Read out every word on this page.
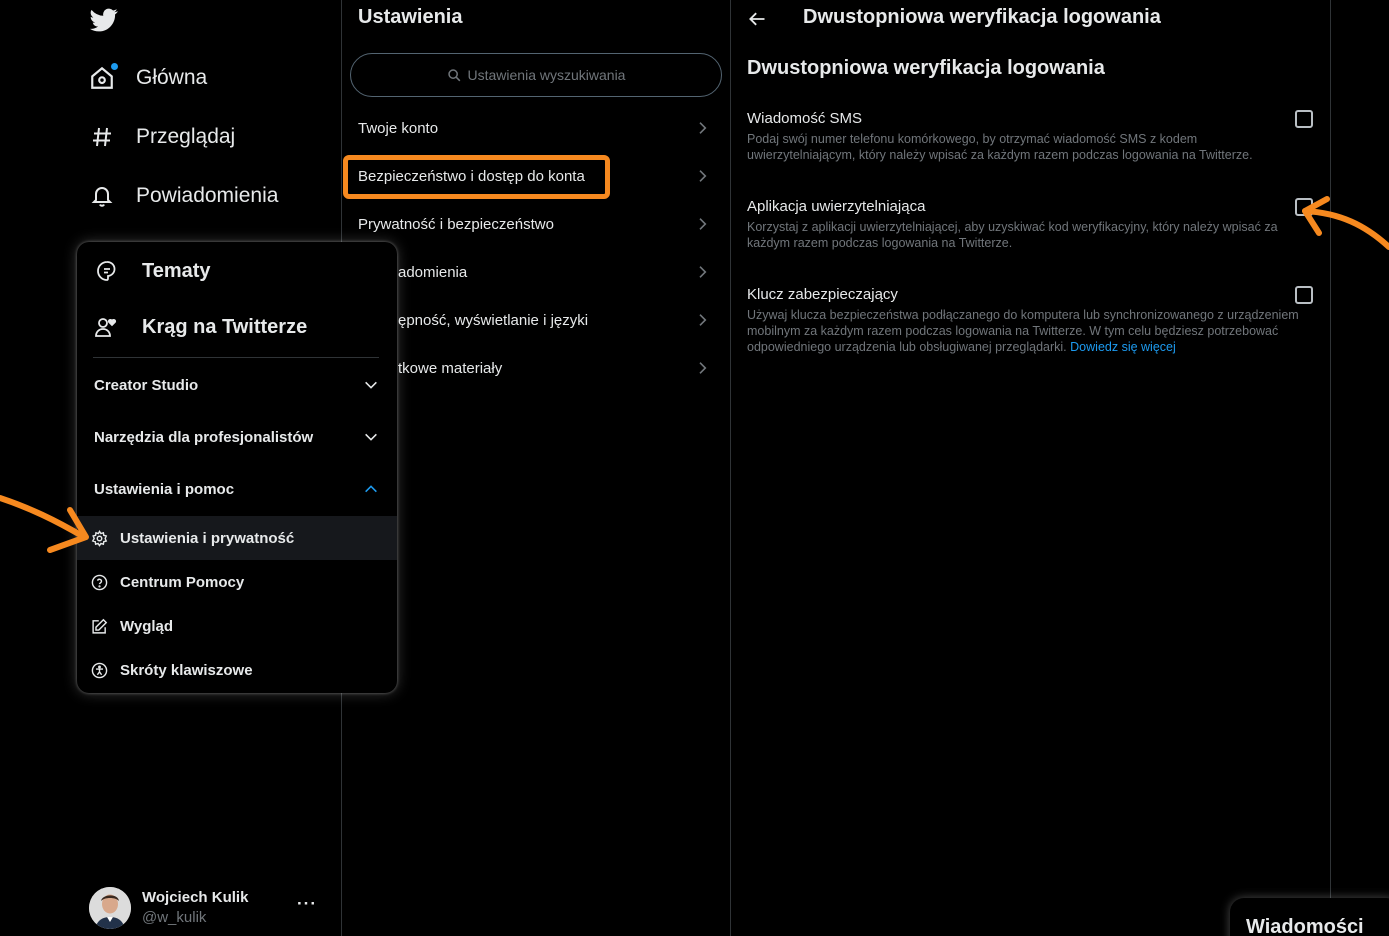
Główna
Przeglądaj
Powiadomienia
Wojciech Kulik
@w_kulik
···
Ustawienia
Ustawienia wyszukiwania
Twoje konto
Bezpieczeństwo i dostęp do konta
Prywatność i bezpieczeństwo
adomienia
ępność, wyświetlanie i języki
tkowe materiały
Dwustopniowa weryfikacja logowania
Dwustopniowa weryfikacja logowania
Wiadomość SMS
Podaj swój numer telefonu komórkowego, by otrzymać wiadomość SMS z kodem uwierzytelniającym, który należy wpisać za każdym razem podczas logowania na Twitterze.
Aplikacja uwierzytelniająca
Korzystaj z aplikacji uwierzytelniającej, aby uzyskiwać kod weryfikacyjny, który należy wpisać za każdym razem podczas logowania na Twitterze.
Klucz zabezpieczający
Używaj klucza bezpieczeństwa podłączanego do komputera lub synchronizowanego z urządzeniem mobilnym za każdym razem podczas logowania na Twitterze. W tym celu będziesz potrzebować odpowiedniego urządzenia lub obsługiwanej przeglądarki. Dowiedz się więcej
Wiadomości
Tematy
Krąg na Twitterze
Creator Studio
Narzędzia dla profesjonalistów
Ustawienia i pomoc
Ustawienia i prywatność
Centrum Pomocy
Wygląd
Skróty klawiszowe
